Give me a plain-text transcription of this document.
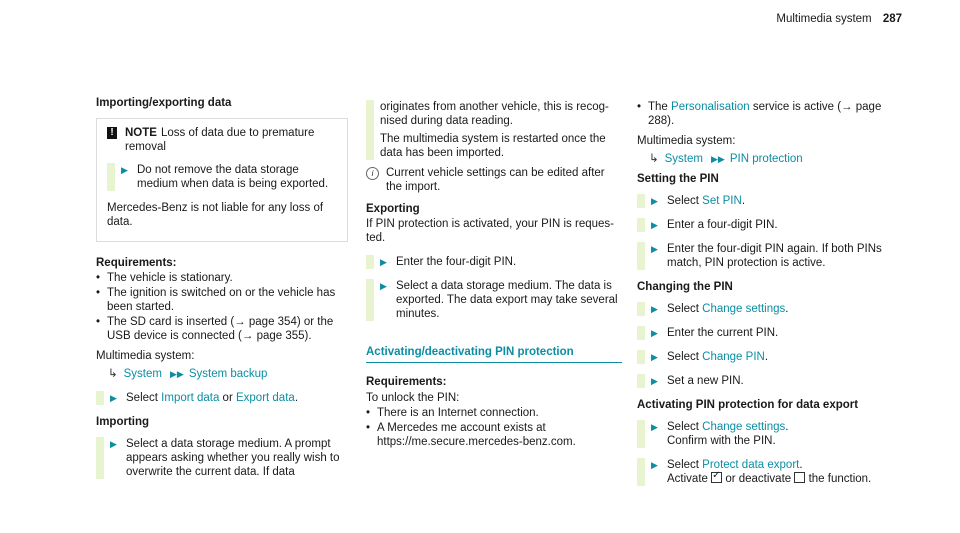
Multimedia system 287
Importing/exporting data
! NOTE Loss of data due to premature removal
▶ Do not remove the data storage medium when data is being exported.
Mercedes-Benz is not liable for any loss of data.
Requirements:
• The vehicle is stationary.
• The ignition is switched on or the vehicle has been started.
• The SD card is inserted (→ page 354) or the USB device is connected (→ page 355).
Multimedia system:
↳ System ▶▶ System backup
▶ Select Import data or Export data.
Importing
▶ Select a data storage medium. A prompt appears asking whether you really wish to overwrite the current data. If data
originates from another vehicle, this is recognised during data reading.
The multimedia system is restarted once the data has been imported.
i	Current vehicle settings can be edited after the import.
Exporting
If PIN protection is activated, your PIN is requested.
▶ Enter the four-digit PIN.
▶ Select a data storage medium. The data is exported. The data export may take several minutes.
Activating/deactivating PIN protection
Requirements:
To unlock the PIN:
• There is an Internet connection.
• A Mercedes me account exists at https://me.secure.mercedes-benz.com.
• The Personalisation service is active (→ page 288).
Multimedia system:
↳ System ▶▶ PIN protection
Setting the PIN
▶ Select Set PIN.
▶ Enter a four-digit PIN.
▶ Enter the four-digit PIN again. If both PINs match, PIN protection is active.
Changing the PIN
▶ Select Change settings.
▶ Enter the current PIN.
▶ Select Change PIN.
▶ Set a new PIN.
Activating PIN protection for data export
▶ Select Change settings.
Confirm with the PIN.
▶ Select Protect data export.
Activate ✓ or deactivate the function.
